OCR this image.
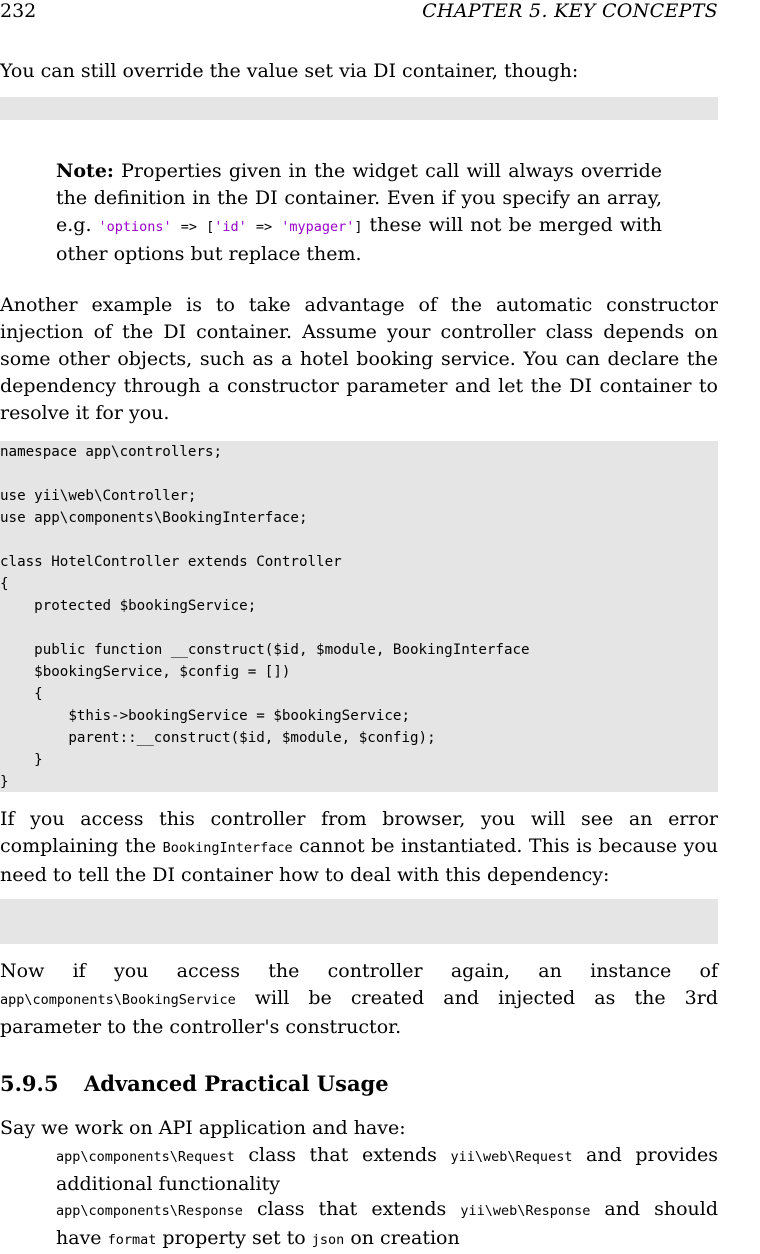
232	CHAPTER 5. KEY CONCEPTS
You can still override the value set via DI container, though:

Note: Properties given in the widget call will always override the definition in the DI container. Even if you specify an array, e.g. 'options' => ['id' => 'mypager'] these will not be merged with other options but replace them.
Another example is to take advantage of the automatic constructor injection of the DI container. Assume your controller class depends on some other objects, such as a hotel booking service. You can declare the dependency through a constructor parameter and let the DI container to resolve it for you.
namespace app\controllers;
use yii\web\Controller;
use app\components\BookingInterface;
class HotelController extends Controller
{
protected $bookingService;
public function __construct($id, $module, BookingInterface
$bookingService, $config = [])
{
$this->bookingService = $bookingService;
parent::__construct($id, $module, $config);
}
}
If you access this controller from browser, you will see an error complaining the BookingInterface cannot be instantiated. This is because you need to tell the DI container how to deal with this dependency:

Now if you access the controller again, an instance of app\components\BookingService will be created and injected as the 3rd parameter to the controller's constructor.
5.9.5 Advanced Practical Usage
Say we work on API application and have:
app\components\Request class that extends yii\web\Request and provides additional functionality
app\components\Response class that extends yii\web\Response and should have format property set to json on creation
